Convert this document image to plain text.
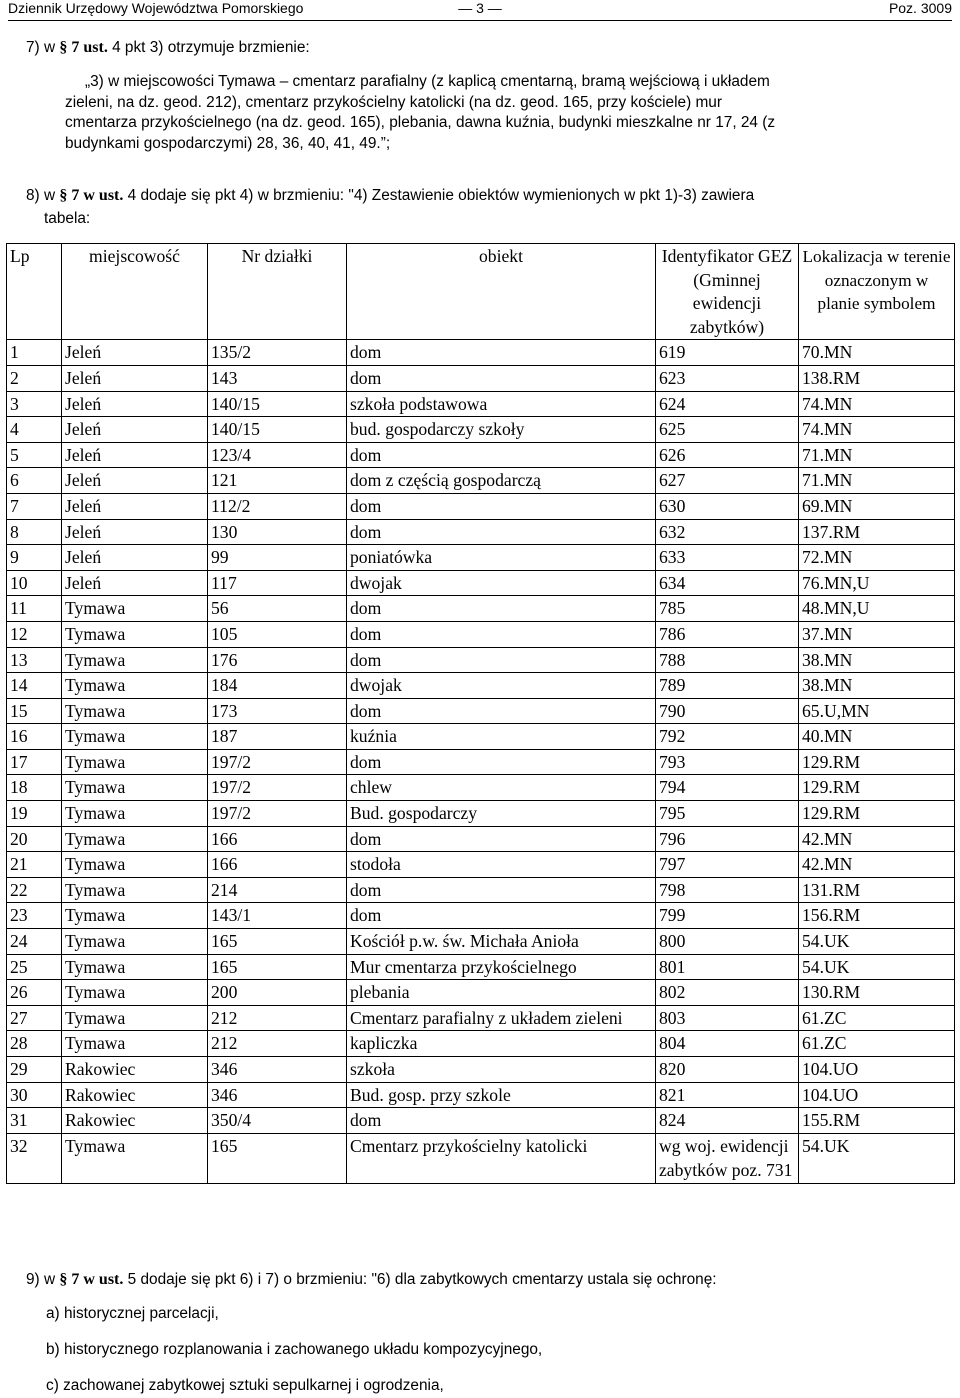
Dziennik Urzędowy Województwa Pomorskiego	— 3 —	Poz. 3009
7) w § 7 ust. 4 pkt 3) otrzymuje brzmienie:
„3) w miejscowości Tymawa – cmentarz parafialny (z kaplicą cmentarną, bramą wejściową i układem
zieleni, na dz. geod. 212), cmentarz przykościelny katolicki (na dz. geod. 165, przy kościele) mur
cmentarza przykościelnego (na dz. geod. 165), plebania, dawna kuźnia, budynki mieszkalne nr 17, 24 (z
budynkami gospodarczymi) 28, 36, 40, 41, 49.”;
8) w § 7 w ust. 4 dodaje się pkt 4) w brzmieniu: "4) Zestawienie obiektów wymienionych w pkt 1)-3) zawiera
tabela:
Lp	miejscowość	Nr działki	obiekt	Identyfikator GEZ (Gminnej ewidencji zabytków)	Lokalizacja w terenie oznaczonym w planie symbolem
1	Jeleń	135/2	dom	619	70.MN
2	Jeleń	143	dom	623	138.RM
3	Jeleń	140/15	szkoła podstawowa	624	74.MN
4	Jeleń	140/15	bud. gospodarczy szkoły	625	74.MN
5	Jeleń	123/4	dom	626	71.MN
6	Jeleń	121	dom z częścią gospodarczą	627	71.MN
7	Jeleń	112/2	dom	630	69.MN
8	Jeleń	130	dom	632	137.RM
9	Jeleń	99	poniatówka	633	72.MN
10	Jeleń	117	dwojak	634	76.MN,U
11	Tymawa	56	dom	785	48.MN,U
12	Tymawa	105	dom	786	37.MN
13	Tymawa	176	dom	788	38.MN
14	Tymawa	184	dwojak	789	38.MN
15	Tymawa	173	dom	790	65.U,MN
16	Tymawa	187	kuźnia	792	40.MN
17	Tymawa	197/2	dom	793	129.RM
18	Tymawa	197/2	chlew	794	129.RM
19	Tymawa	197/2	Bud. gospodarczy	795	129.RM
20	Tymawa	166	dom	796	42.MN
21	Tymawa	166	stodoła	797	42.MN
22	Tymawa	214	dom	798	131.RM
23	Tymawa	143/1	dom	799	156.RM
24	Tymawa	165	Kościół p.w. św. Michała Anioła	800	54.UK
25	Tymawa	165	Mur cmentarza przykościelnego	801	54.UK
26	Tymawa	200	plebania	802	130.RM
27	Tymawa	212	Cmentarz parafialny z układem zieleni	803	61.ZC
28	Tymawa	212	kapliczka	804	61.ZC
29	Rakowiec	346	szkoła	820	104.UO
30	Rakowiec	346	Bud. gosp. przy szkole	821	104.UO
31	Rakowiec	350/4	dom	824	155.RM
32	Tymawa	165	Cmentarz przykościelny katolicki	wg woj. ewidencji zabytków poz. 731	54.UK
9) w § 7 w ust. 5 dodaje się pkt 6) i 7) o brzmieniu: "6) dla zabytkowych cmentarzy ustala się ochronę:
a) historycznej parcelacji,
b) historycznego rozplanowania i zachowanego układu kompozycyjnego,
c) zachowanej zabytkowej sztuki sepulkarnej i ogrodzenia,
